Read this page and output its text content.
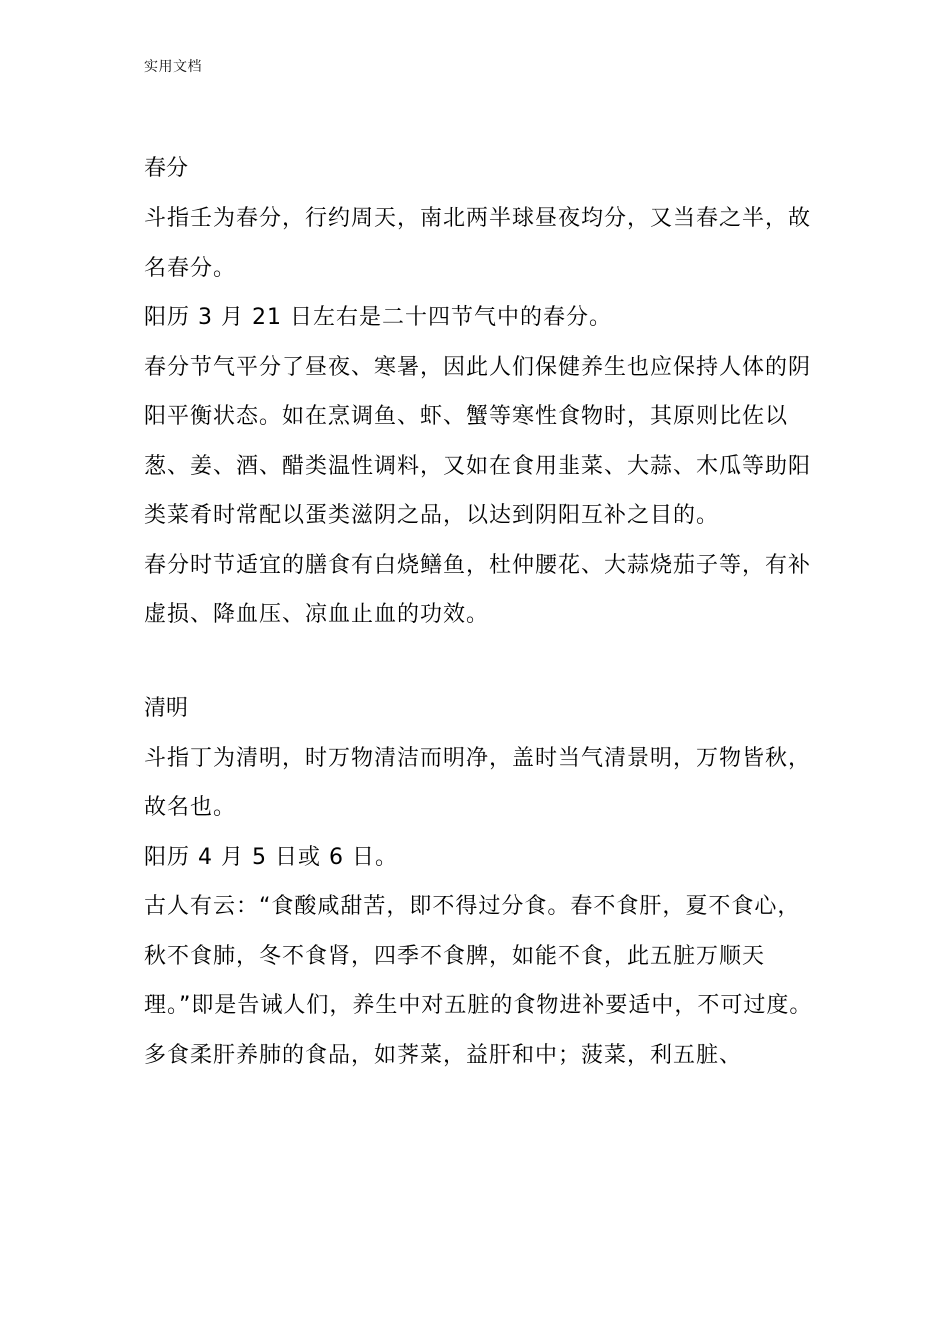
实用文档
春分

斗指壬为春分，行约周天，南北两半球昼夜均分，又当春之半，故名春分。

阳历 3 月 21 日左右是二十四节气中的春分。

春分节气平分了昼夜、寒暑，因此人们保健养生也应保持人体的阴阳平衡状态。如在烹调鱼、虾、蟹等寒性食物时，其原则比佐以葱、姜、酒、醋类温性调料，又如在食用韭菜、大蒜、木瓜等助阳类菜肴时常配以蛋类滋阴之品，以达到阴阳互补之目的。

春分时节适宜的膳食有白烧鳝鱼，杜仲腰花、大蒜烧茄子等，有补虚损、降血压、凉血止血的功效。

清明

斗指丁为清明，时万物清洁而明净，盖时当气清景明，万物皆秋，故名也。

阳历 4 月 5 日或 6 日。

古人有云：“食酸咸甜苦，即不得过分食。春不食肝，夏不食心，秋不食肺，冬不食肾，四季不食脾，如能不食，此五脏万顺天理。”即是告诫人们，养生中对五脏的食物进补要适中，不可过度。

多食柔肝养肺的食品，如荠菜，益肝和中；菠菜，利五脏、
